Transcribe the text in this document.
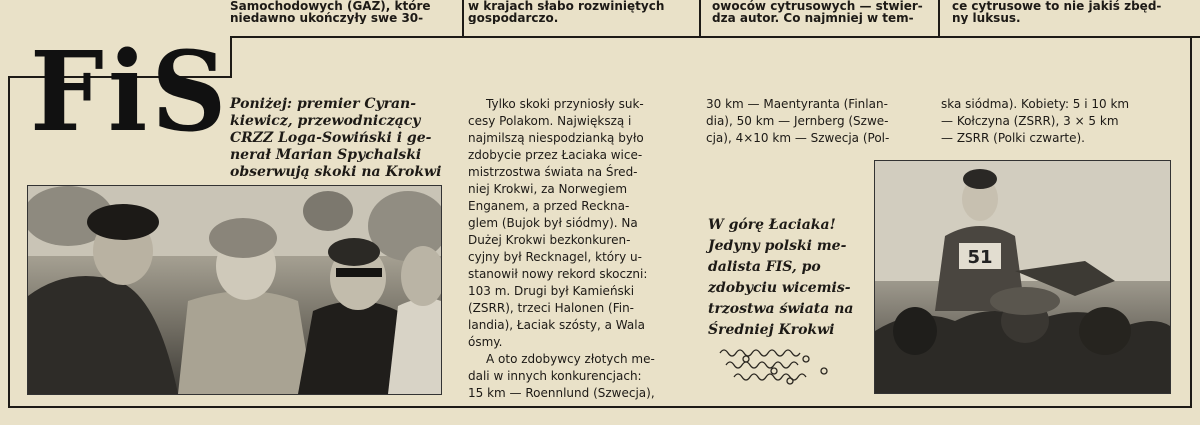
Samochodowych (GAZ), które
niedawno ukończyły swe 30-
w krajach słabo rozwiniętych
gospodarczo.
owoców cytrusowych — stwier-
dza autor. Co najmniej w tem-
ce cytrusowe to nie jakiś zbęd-
ny luksus.
FiS Poniżej: premier Cyran-
kiewicz, przewodniczący
CRZZ Loga-Sowiński i ge-
nerał Marian Spychalski
obserwują skoki na Krokwi
Tylko skoki przyniosły suk-
cesy Polakom. Największą i
najmilszą niespodzianką było
zdobycie przez Łaciaka wice-
mistrzostwa świata na Śred-
niej Krokwi, za Norwegiem
Enganem, a przed Reckna-
glem (Bujok był siódmy). Na
Dużej Krokwi bezkonkuren-
cyjny był Recknagel, który u-
stanowił nowy rekord skoczni:
103 m. Drugi był Kamieński
(ZSRR), trzeci Halonen (Fin-
landia), Łaciak szósty, a Wala
ósmy.
A oto zdobywcy złotych me-
dali w innych konkurencjach:
15 km — Roennlund (Szwecja),
30 km — Maentyranta (Finlan-
dia), 50 km — Jernberg (Szwe-
cja), 4×10 km — Szwecja (Pol-
W górę Łaciaka!
Jedyny polski me-
dalista FIS, po
zdobyciu wicemis-
trzostwa świata na
Średniej Krokwi
ska siódma). Kobiety: 5 i 10 km
— Kołczyna (ZSRR), 3 × 5 km
— ZSRR (Polki czwarte).
51
